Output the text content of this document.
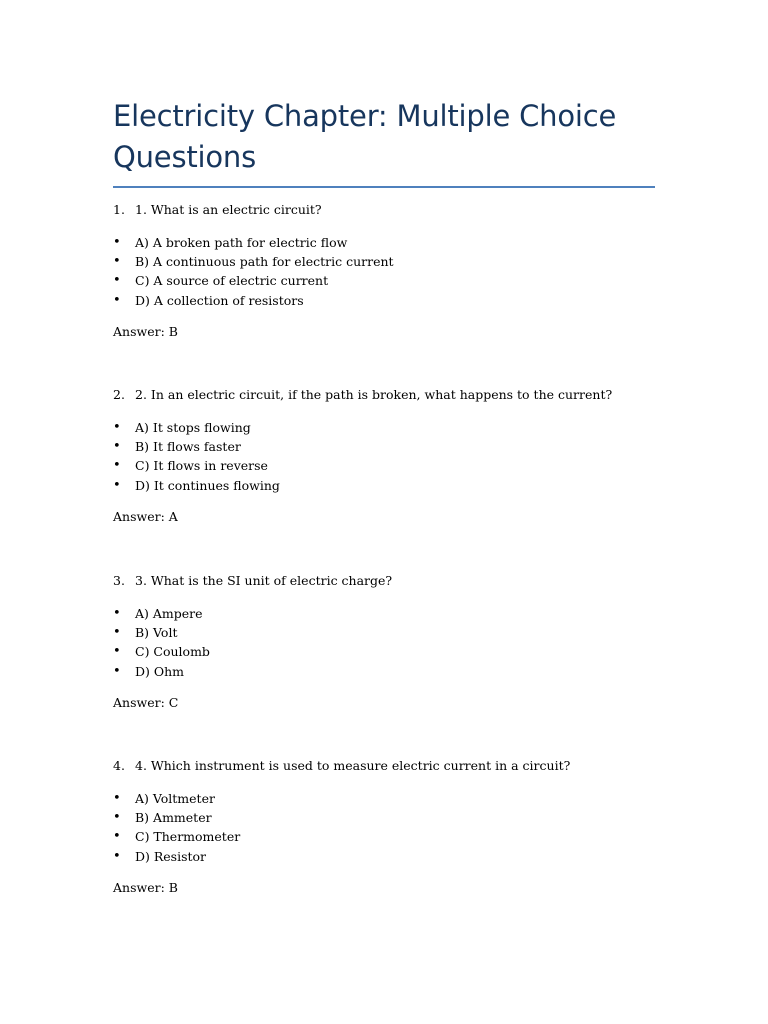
Electricity Chapter: Multiple Choice Questions
1. 1. What is an electric circuit?
• A) A broken path for electric flow
• B) A continuous path for electric current
• C) A source of electric current
• D) A collection of resistors
Answer: B
2. 2. In an electric circuit, if the path is broken, what happens to the current?
• A) It stops flowing
• B) It flows faster
• C) It flows in reverse
• D) It continues flowing
Answer: A
3. 3. What is the SI unit of electric charge?
• A) Ampere
• B) Volt
• C) Coulomb
• D) Ohm
Answer: C
4. 4. Which instrument is used to measure electric current in a circuit?
• A) Voltmeter
• B) Ammeter
• C) Thermometer
• D) Resistor
Answer: B
